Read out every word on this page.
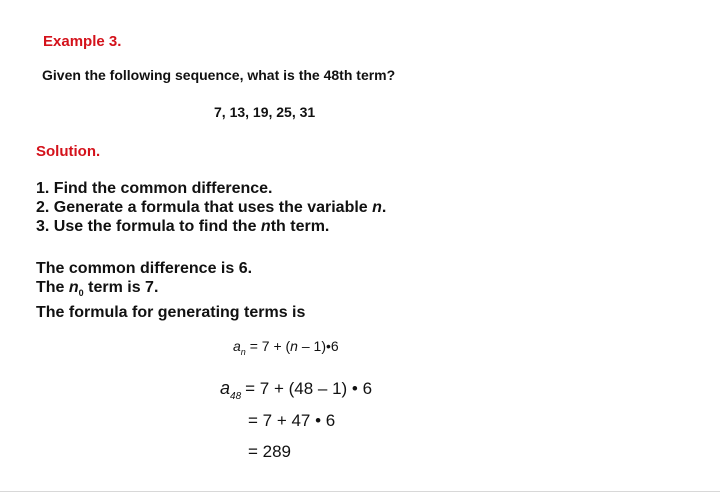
Example 3.
Given the following sequence, what is the 48th term?
7, 13, 19, 25, 31
Solution.
1. Find the common difference.
2. Generate a formula that uses the variable n.
3. Use the formula to find the nth term.
The common difference is 6.
The $n_0$ term is 7.
The formula for generating terms is
$a_n = 7 + (n$ – 1)•6
$a_{48} = 7 + (48 - 1)$ • 6
= 7 + 47 • 6
= 289
